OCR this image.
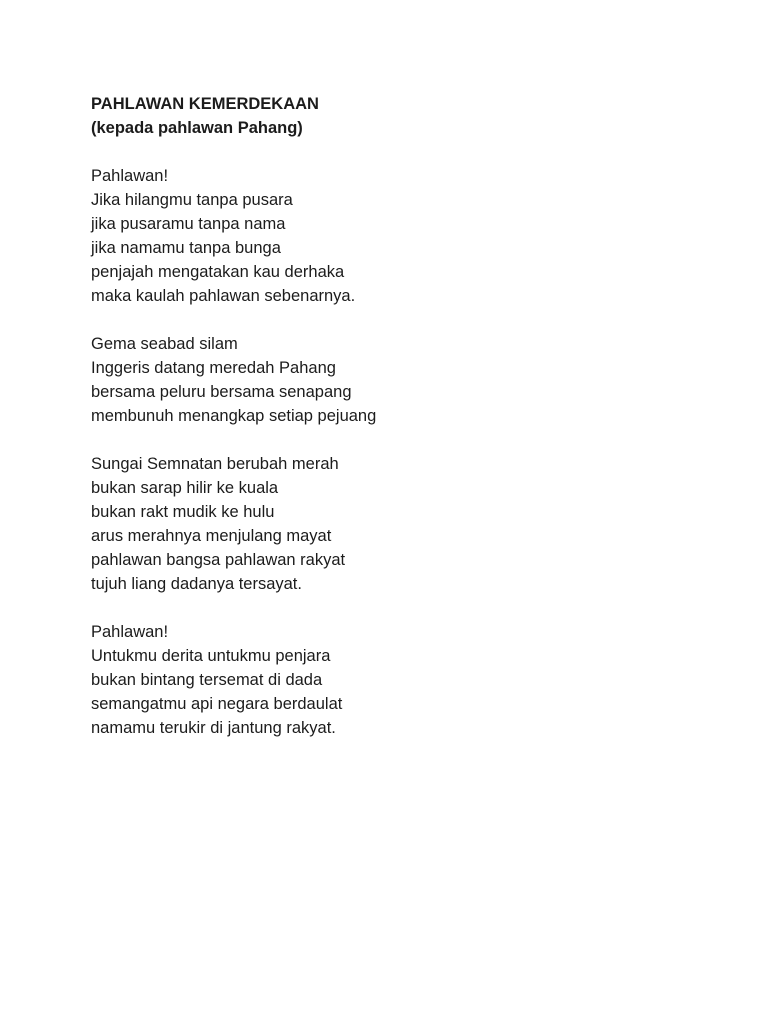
PAHLAWAN KEMERDEKAAN
(kepada pahlawan Pahang)
Pahlawan!
Jika hilangmu tanpa pusara
jika pusaramu tanpa nama
jika namamu tanpa bunga
penjajah mengatakan kau derhaka
maka kaulah pahlawan sebenarnya.
Gema seabad silam
Inggeris datang meredah Pahang
bersama peluru bersama senapang
membunuh menangkap setiap pejuang
Sungai Semnatan berubah merah
bukan sarap hilir ke kuala
bukan rakt mudik ke hulu
arus merahnya menjulang mayat
pahlawan bangsa pahlawan rakyat
tujuh liang dadanya tersayat.
Pahlawan!
Untukmu derita untukmu penjara
bukan bintang tersemat di dada
semangatmu api negara berdaulat
namamu terukir di jantung rakyat.
